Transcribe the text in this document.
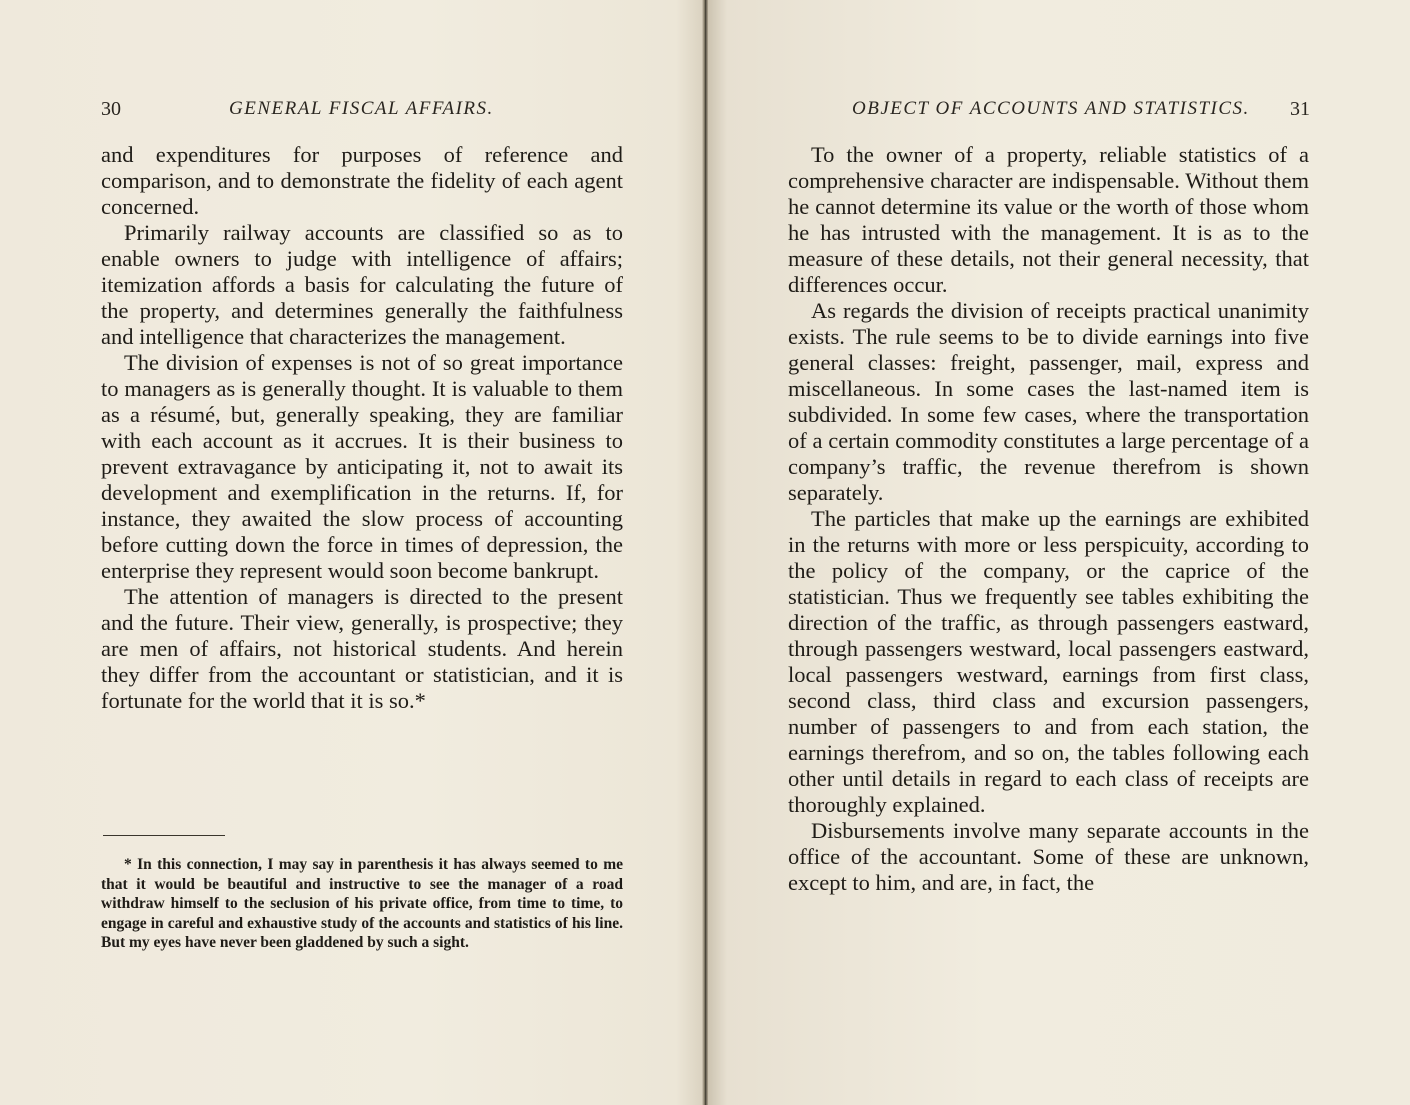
30	GENERAL FISCAL AFFAIRS.

and expenditures for purposes of reference and comparison, and to demonstrate the fidelity of each agent concerned.

Primarily railway accounts are classified so as to enable owners to judge with intelligence of affairs; itemization affords a basis for calculating the future of the property, and determines generally the faithfulness and intelligence that characterizes the management.

The division of expenses is not of so great importance to managers as is generally thought. It is valuable to them as a résumé, but, generally speaking, they are familiar with each account as it accrues. It is their business to prevent extravagance by anticipating it, not to await its development and exemplification in the returns. If, for instance, they awaited the slow process of accounting before cutting down the force in times of depression, the enterprise they represent would soon become bankrupt.

The attention of managers is directed to the present and the future. Their view, generally, is prospective; they are men of affairs, not historical students. And herein they differ from the accountant or statistician, and it is fortunate for the world that it is so.*

* In this connection, I may say in parenthesis it has always seemed to me that it would be beautiful and instructive to see the manager of a road withdraw himself to the seclusion of his private office, from time to time, to engage in careful and exhaustive study of the accounts and statistics of his line. But my eyes have never been gladdened by such a sight.
OBJECT OF ACCOUNTS AND STATISTICS. 31

To the owner of a property, reliable statistics of a comprehensive character are indispensable. Without them he cannot determine its value or the worth of those whom he has intrusted with the management. It is as to the measure of these details, not their general necessity, that differences occur.

As regards the division of receipts practical unanimity exists. The rule seems to be to divide earnings into five general classes: freight, passenger, mail, express and miscellaneous. In some cases the last-named item is subdivided. In some few cases, where the transportation of a certain commodity constitutes a large percentage of a company’s traffic, the revenue therefrom is shown separately.

The particles that make up the earnings are exhibited in the returns with more or less perspicuity, according to the policy of the company, or the caprice of the statistician. Thus we frequently see tables exhibiting the direction of the traffic, as through passengers eastward, through passengers westward, local passengers eastward, local passengers westward, earnings from first class, second class, third class and excursion passengers, number of passengers to and from each station, the earnings therefrom, and so on, the tables following each other until details in regard to each class of receipts are thoroughly explained.

Disbursements involve many separate accounts in the office of the accountant. Some of these are unknown, except to him, and are, in fact, the
